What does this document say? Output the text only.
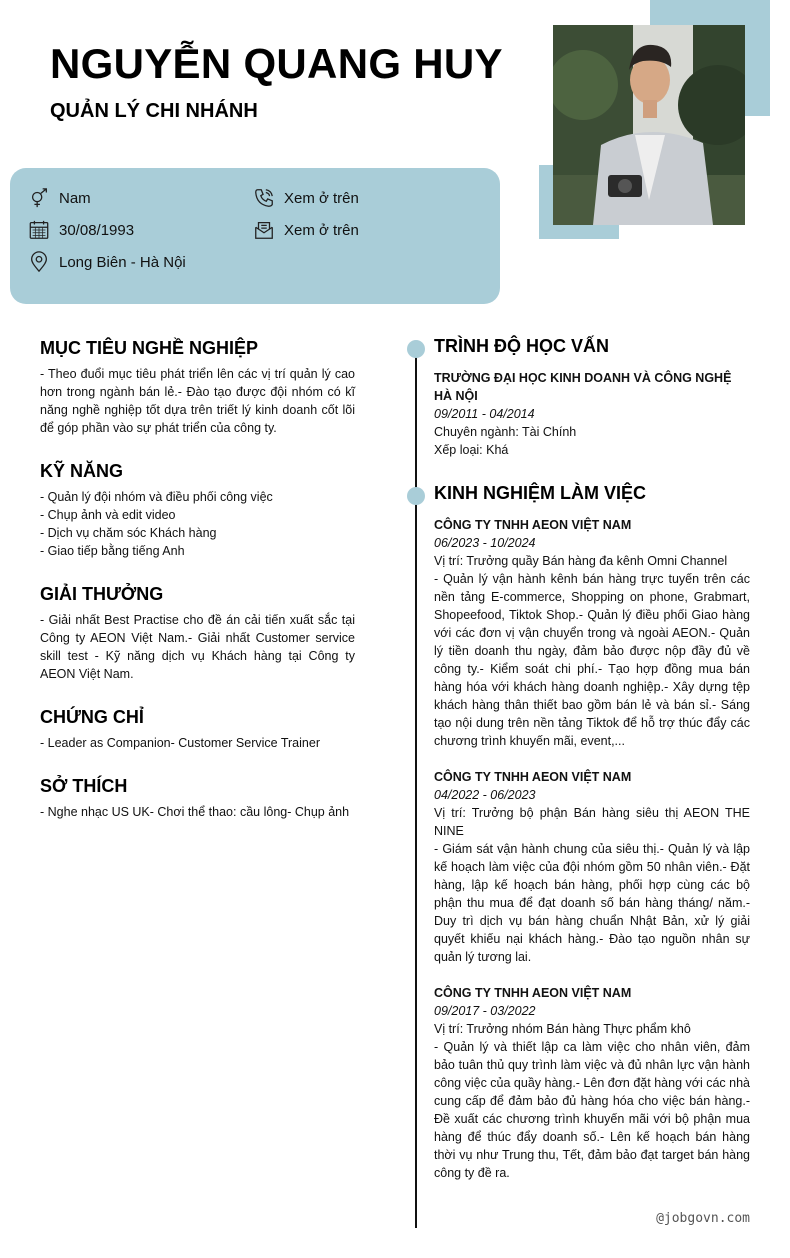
NGUYỄN QUANG HUY
QUẢN LÝ CHI NHÁNH
Nam
30/08/1993
Long Biên - Hà Nội
Xem ở trên
Xem ở trên
MỤC TIÊU NGHỀ NGHIỆP
- Theo đuổi mục tiêu phát triển lên các vị trí quản lý cao hơn trong ngành bán lẻ.- Đào tạo được đội nhóm có kĩ năng nghề nghiệp tốt dựa trên triết lý kinh doanh cốt lõi để góp phần vào sự phát triển của công ty.
KỸ NĂNG
- Quản lý đội nhóm và điều phối công việc
- Chụp ảnh và edit video
- Dịch vụ chăm sóc Khách hàng
- Giao tiếp bằng tiếng Anh
GIẢI THƯỞNG
- Giải nhất Best Practise cho đề án cải tiến xuất sắc tại Công ty AEON Việt Nam.- Giải nhất Customer service skill test - Kỹ năng dịch vụ Khách hàng tại Công ty AEON Việt Nam.
CHỨNG CHỈ
- Leader as Companion- Customer Service Trainer
SỞ THÍCH
- Nghe nhạc US UK- Chơi thể thao: cầu lông- Chụp ảnh
TRÌNH ĐỘ HỌC VẤN
TRƯỜNG ĐẠI HỌC KINH DOANH VÀ CÔNG NGHỆ HÀ NỘI
09/2011 - 04/2014
Chuyên ngành: Tài Chính
Xếp loại: Khá
KINH NGHIỆM LÀM VIỆC
CÔNG TY TNHH AEON VIỆT NAM
06/2023 - 10/2024
Vị trí: Trưởng quầy Bán hàng đa kênh Omni Channel
- Quản lý vận hành kênh bán hàng trực tuyến trên các nền tảng E-commerce, Shopping on phone, Grabmart, Shopeefood, Tiktok Shop.- Quản lý điều phối Giao hàng với các đơn vị vận chuyển trong và ngoài AEON.- Quản lý tiền doanh thu ngày, đảm bảo được nộp đầy đủ về công ty.- Kiểm soát chi phí.- Tạo hợp đồng mua bán hàng hóa với khách hàng doanh nghiệp.- Xây dựng tệp khách hàng thân thiết bao gồm bán lẻ và bán sỉ.- Sáng tạo nội dung trên nền tảng Tiktok để hỗ trợ thúc đẩy các chương trình khuyến mãi, event,...
CÔNG TY TNHH AEON VIỆT NAM
04/2022 - 06/2023
Vị trí: Trưởng bộ phận Bán hàng siêu thị AEON THE NINE
- Giám sát vận hành chung của siêu thị.- Quản lý và lập kế hoạch làm việc của đội nhóm gồm 50 nhân viên.- Đặt hàng, lập kế hoạch bán hàng, phối hợp cùng các bộ phận thu mua để đạt doanh số bán hàng tháng/ năm.- Duy trì dịch vụ bán hàng chuẩn Nhật Bản, xử lý giải quyết khiếu nại khách hàng.- Đào tạo nguồn nhân sự quản lý tương lai.
CÔNG TY TNHH AEON VIỆT NAM
09/2017 - 03/2022
Vị trí: Trưởng nhóm Bán hàng Thực phẩm khô
- Quản lý và thiết lập ca làm việc cho nhân viên, đảm bảo tuân thủ quy trình làm việc và đủ nhân lực vận hành công việc của quầy hàng.- Lên đơn đặt hàng với các nhà cung cấp để đảm bảo đủ hàng hóa cho việc bán hàng.- Đề xuất các chương trình khuyến mãi với bộ phận mua hàng để thúc đẩy doanh số.- Lên kế hoạch bán hàng thời vụ như Trung thu, Tết, đảm bảo đạt target bán hàng công ty đề ra.
@jobgovn.com
